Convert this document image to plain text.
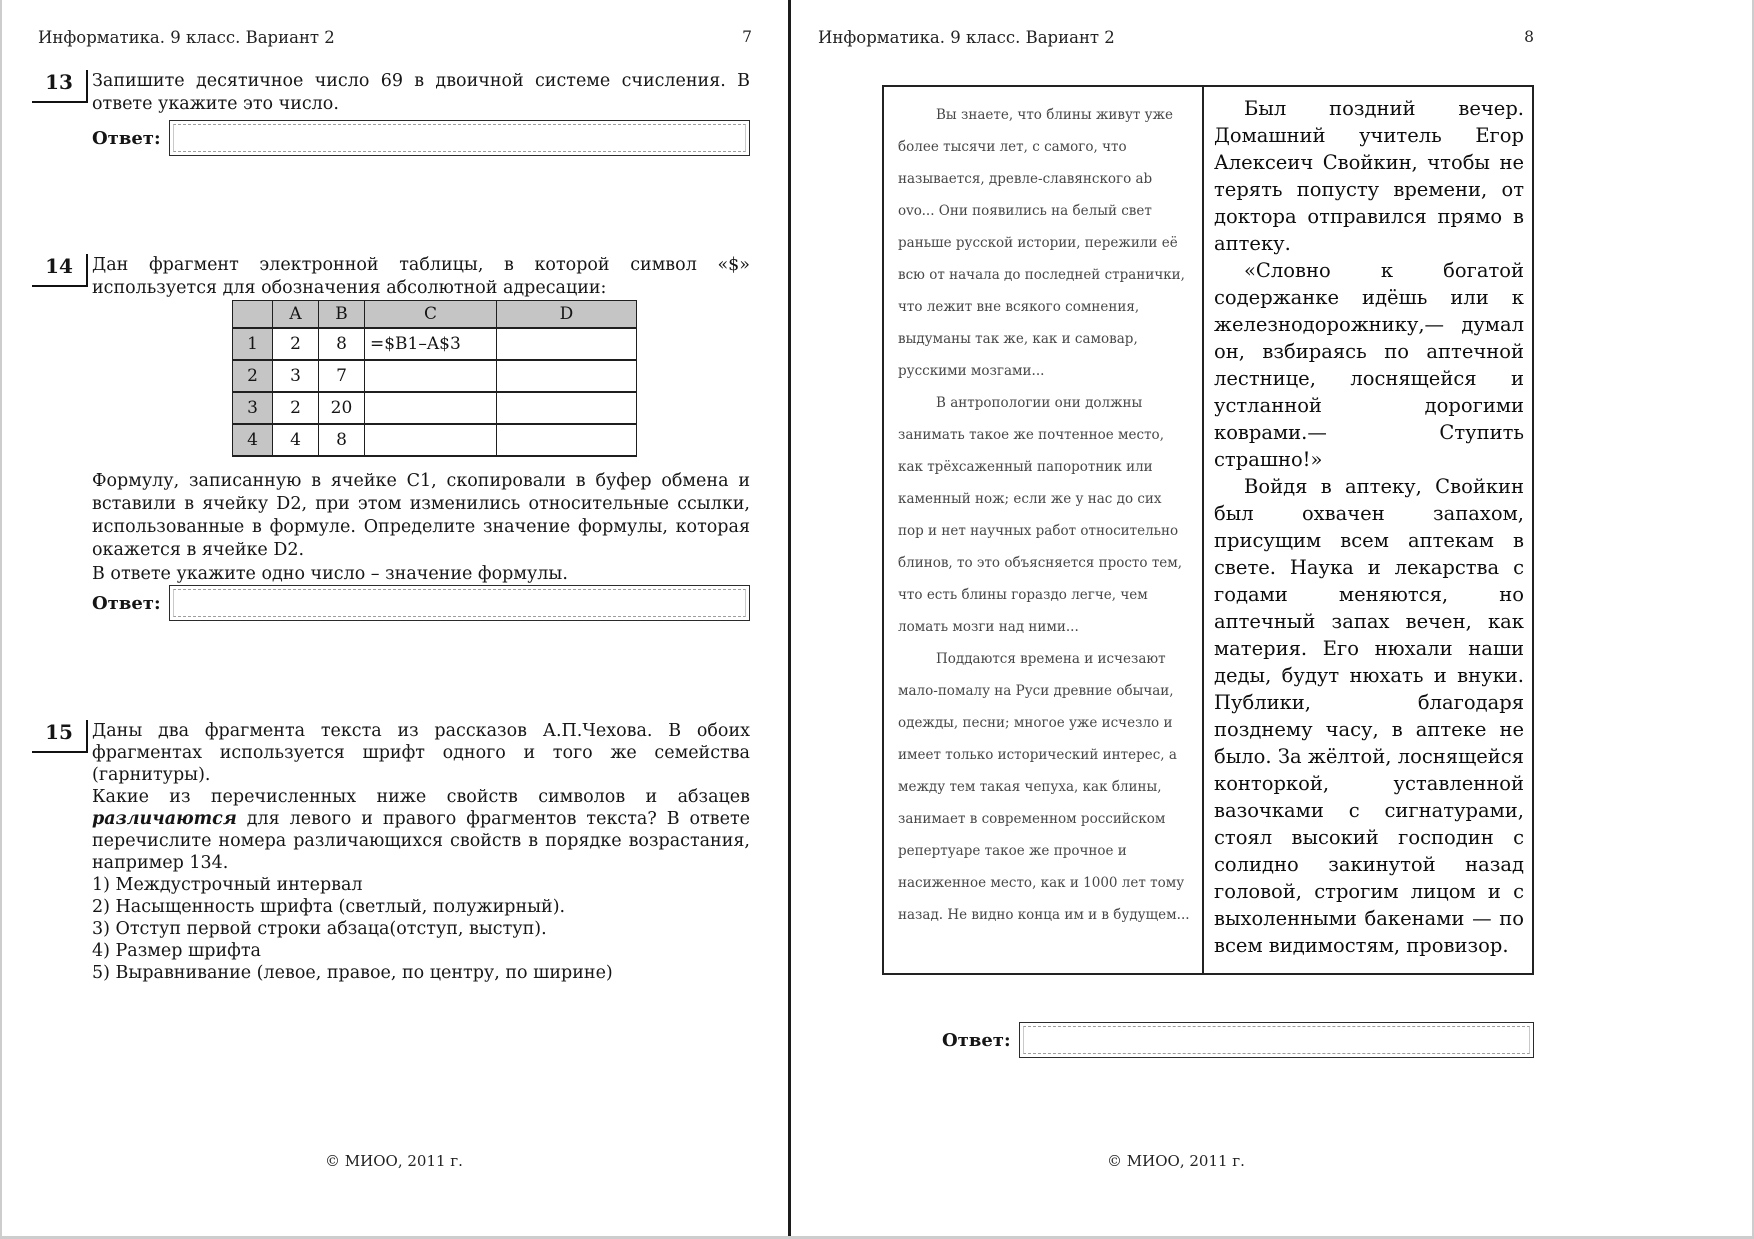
Информатика. 9 класс. Вариант 2	7
13	Запишите десятичное число 69 в двоичной системе счисления. В ответе укажите это число.
Ответ:
14	Дан фрагмент электронной таблицы, в которой символ «$» используется для обозначения абсолютной адресации:
	A	B	C	D
1	2	8	=$B1–A$3	
2	3	7		
3	2	20		
4	4	8		
Формулу, записанную в ячейке C1, скопировали в буфер обмена и вставили в ячейку D2, при этом изменились относительные ссылки, использованные в формуле. Определите значение формулы, которая окажется в ячейке D2.
В ответе укажите одно число – значение формулы.
Ответ:
15	Даны два фрагмента текста из рассказов А.П.Чехова. В обоих фрагментах используется шрифт одного и того же семейства (гарнитуры).

Какие из перечисленных ниже свойств символов и абзацев различаются для левого и правого фрагментов текста? В ответе перечислите номера различающихся свойств в порядке возрастания, например 134.

1) Междустрочный интервал
2) Насыщенность шрифта (светлый, полужирный).
3) Отступ первой строки абзаца(отступ, выступ).
4) Размер шрифта
5) Выравнивание (левое, правое, по центру, по ширине)
© МИОО, 2011 г.
Информатика. 9 класс. Вариант 2	8

Вы знаете, что блины живут уже более тысячи лет, с самого, что называется, древле-славянского ab ovo... Они появились на белый свет раньше русской истории, пережили её всю от начала до последней странички, что лежит вне всякого сомнения, выдуманы так же, как и самовар, русскими мозгами...

В антропологии они должны занимать такое же почтенное место, как трёхсаженный папоротник или каменный нож; если же у нас до сих пор и нет научных работ относительно блинов, то это объясняется просто тем, что есть блины гораздо легче, чем ломать мозги над ними...

Поддаются времена и исчезают мало-помалу на Руси древние обычаи, одежды, песни; многое уже исчезло и имеет только исторический интерес, а между тем такая чепуха, как блины, занимает в современном российском репертуаре такое же прочное и насиженное место, как и 1000 лет тому назад. Не видно конца им и в будущем...

Был поздний вечер. Домашний учитель Егор Алексеич Свойкин, чтобы не терять попусту времени, от доктора отправился прямо в аптеку.

«Словно к богатой содержанке идёшь или к железнодорожнику,— думал он, взбираясь по аптечной лестнице, лоснящейся и устланной дорогими коврами.— Ступить страшно!»

Войдя в аптеку, Свойкин был охвачен запахом, присущим всем аптекам в свете. Наука и лекарства с годами меняются, но аптечный запах вечен, как материя. Его нюхали наши деды, будут нюхать и внуки. Публики, благодаря позднему часу, в аптеке не было. За жёлтой, лоснящейся конторкой, уставленной вазочками с сигнатурами, стоял высокий господин с солидно закинутой назад головой, строгим лицом и с выхоленными бакенами — по всем видимостям, провизор.

Ответ:
© МИОО, 2011 г.
